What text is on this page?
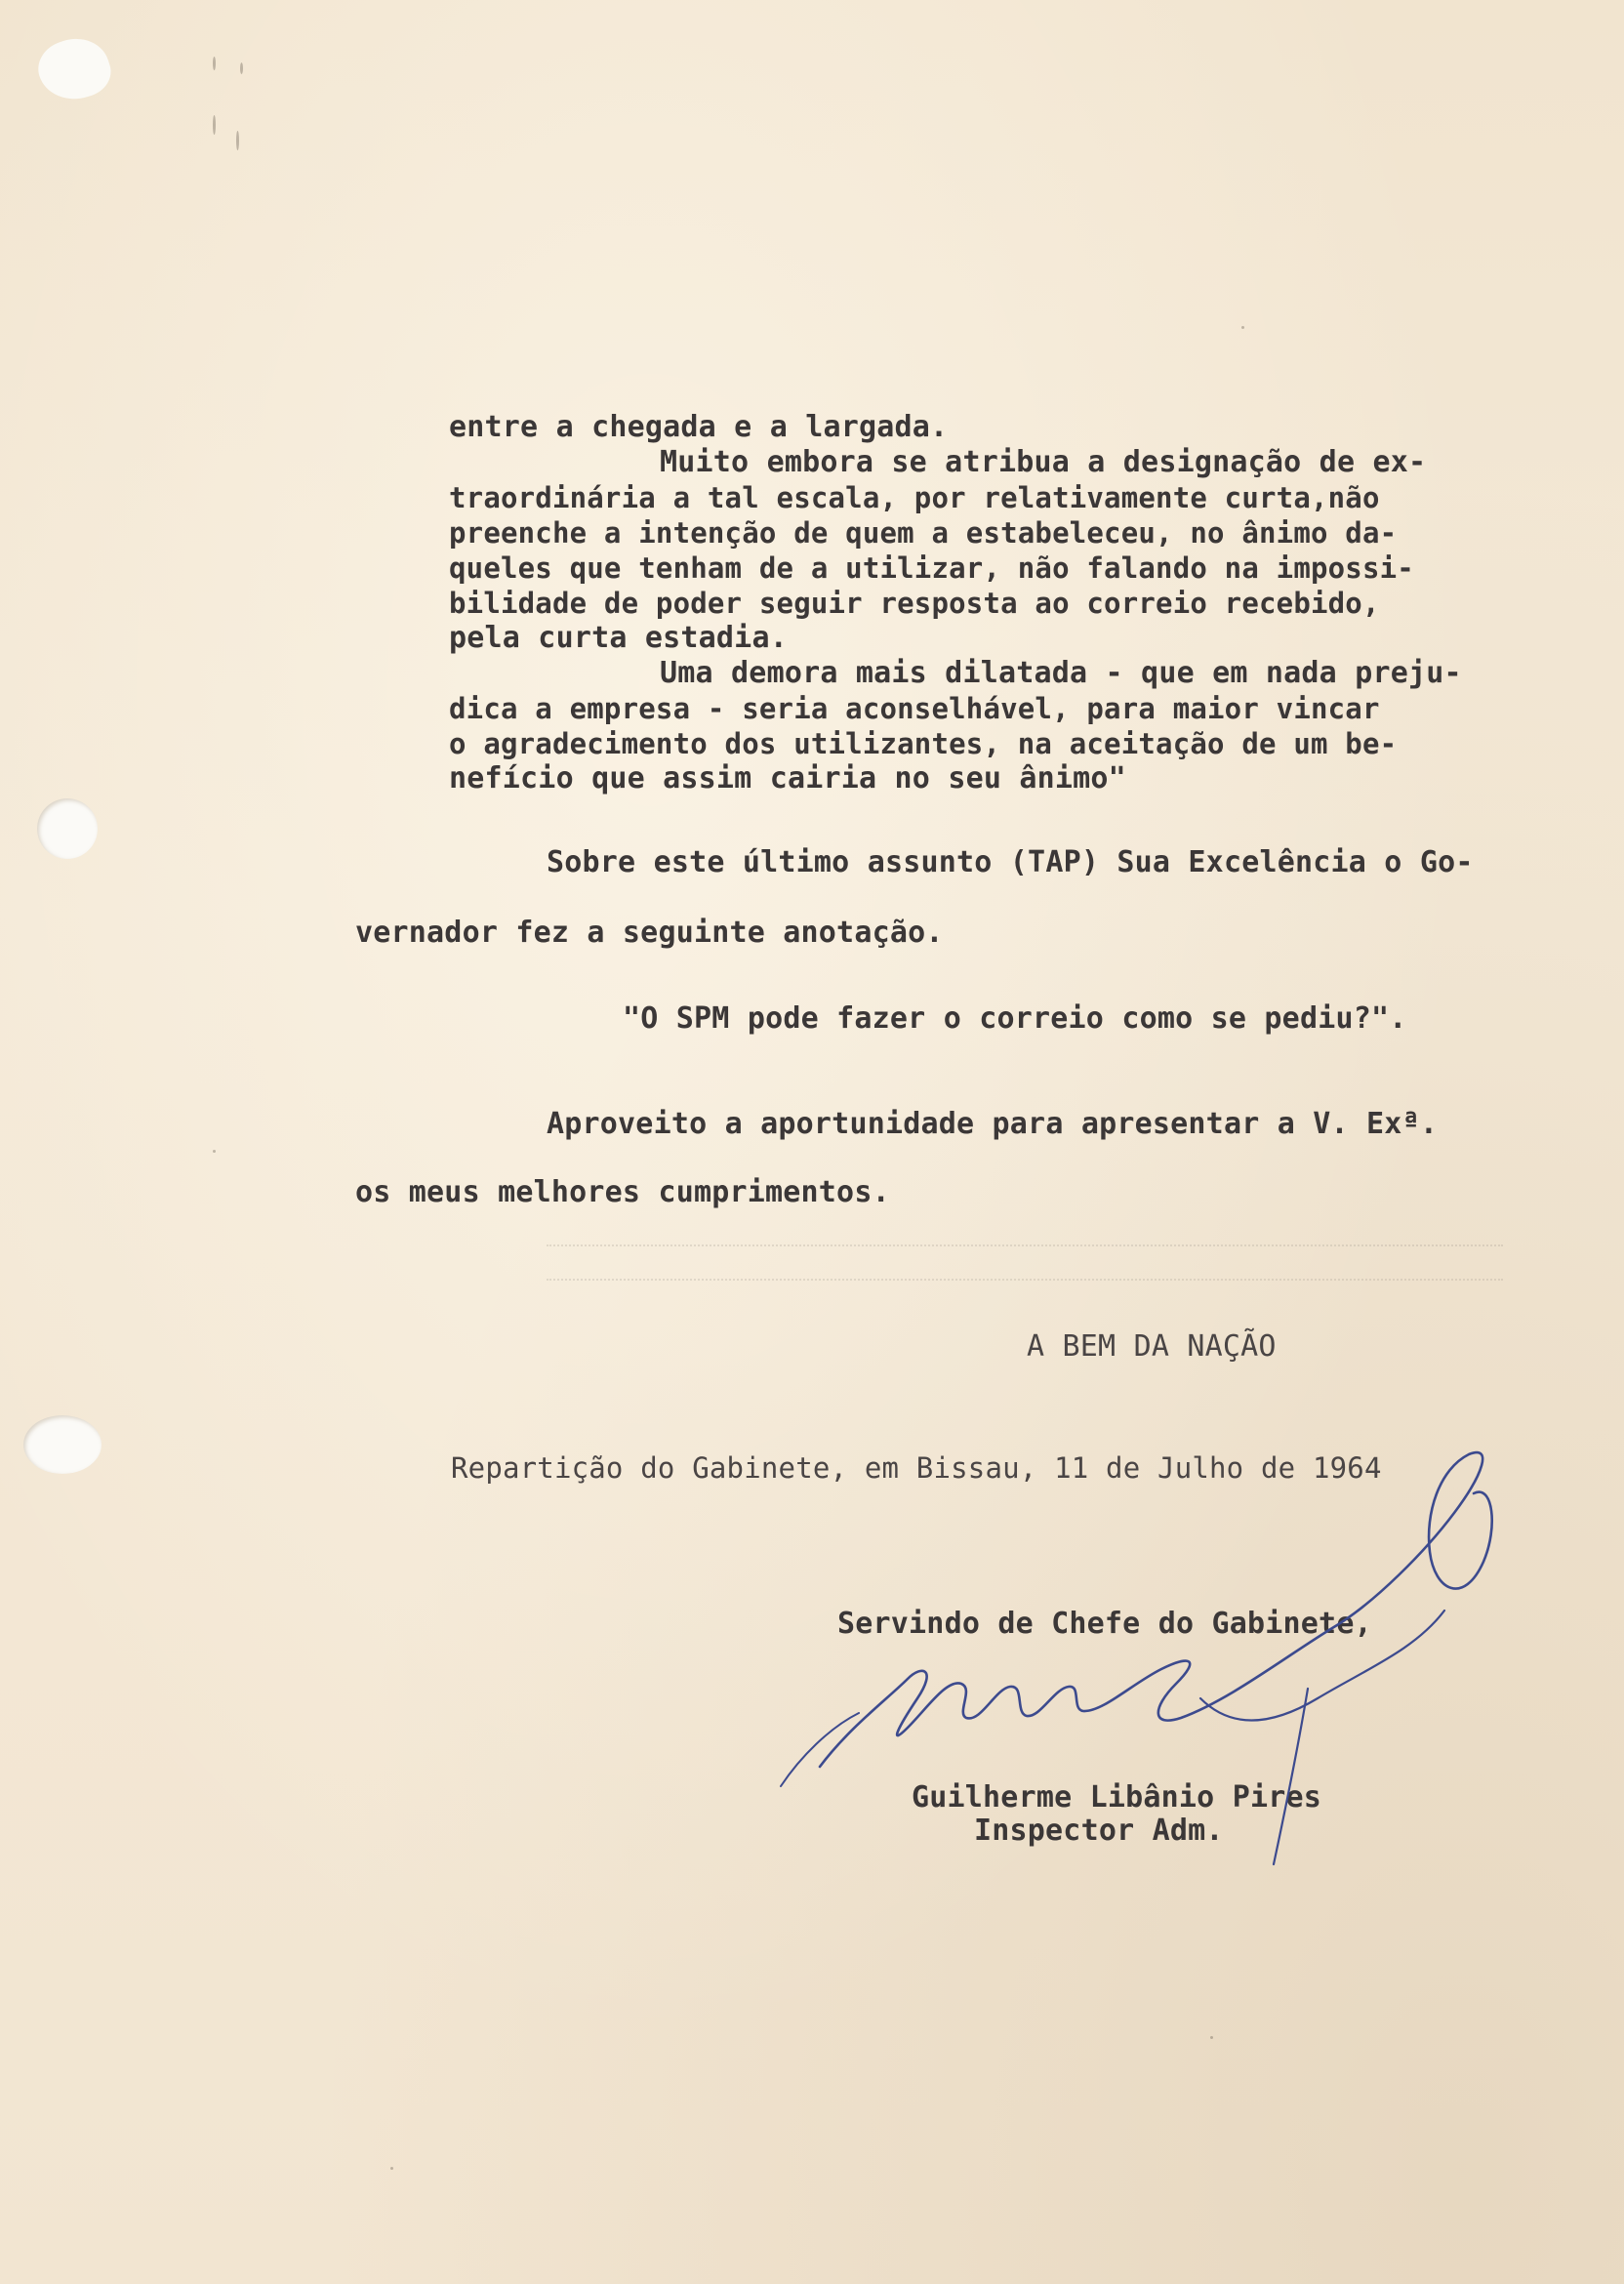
entre a chegada e a largada.
Muito embora se atribua a designação de ex-
traordinária a tal escala, por relativamente curta,não
preenche a intenção de quem a estabeleceu, no ânimo da-
queles que tenham de a utilizar, não falando na impossi-
bilidade de poder seguir resposta ao correio recebido,
pela curta estadia.
Uma demora mais dilatada - que em nada preju-
dica a empresa - seria aconselhável, para maior vincar
o agradecimento dos utilizantes, na aceitação de um be-
nefício que assim cairia no seu ânimo"
Sobre este último assunto (TAP) Sua Excelência o Go-
vernador fez a seguinte anotação.
"O SPM pode fazer o correio como se pediu?".
Aproveito a aportunidade para apresentar a V. Exª.
os meus melhores cumprimentos.
A BEM DA NAÇÃO
Repartição do Gabinete, em Bissau, 11 de Julho de 1964
Servindo de Chefe do Gabinete,
Guilherme Libânio Pires
Inspector Adm.
